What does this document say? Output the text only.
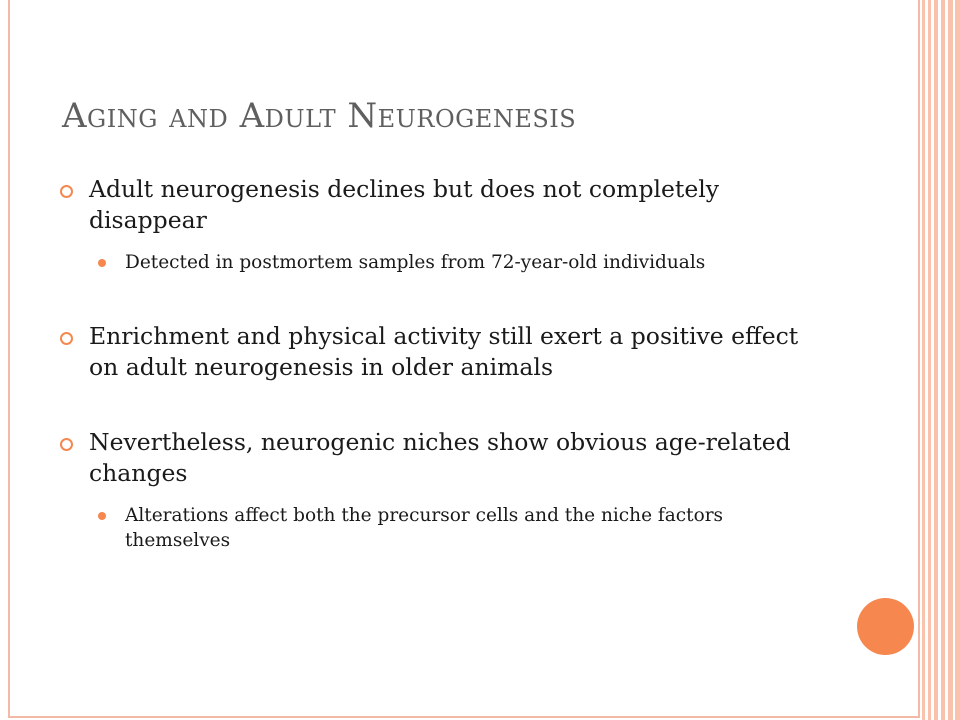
Aging and Adult Neurogenesis
Adult neurogenesis declines but does not completely disappear
Detected in postmortem samples from 72-year-old individuals
Enrichment and physical activity still exert a positive effect on adult neurogenesis in older animals
Nevertheless, neurogenic niches show obvious age-related changes
Alterations affect both the precursor cells and the niche factors themselves
